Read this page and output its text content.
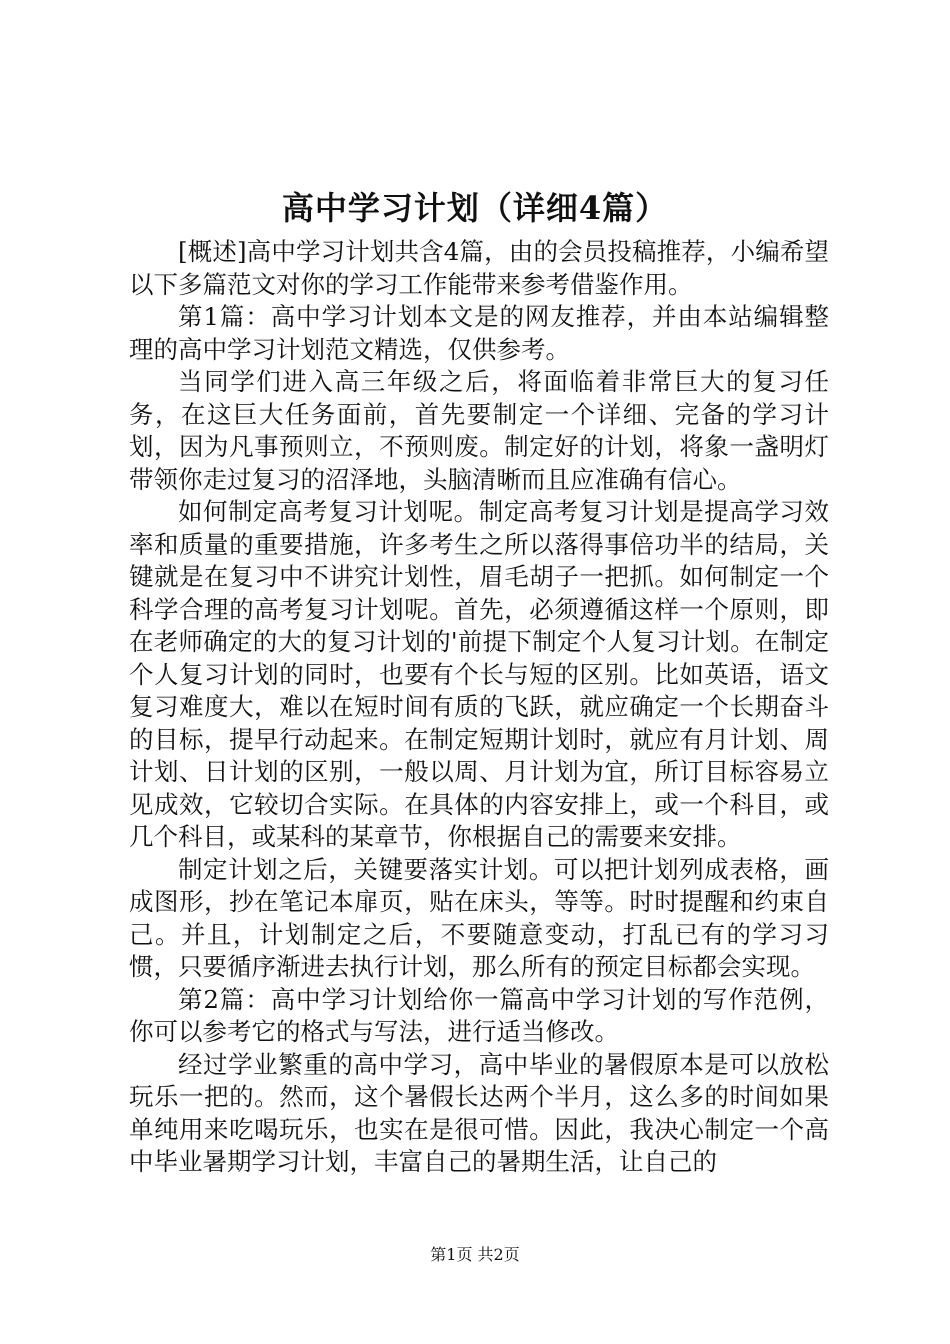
高中学习计划（详细4篇）

[概述]高中学习计划共含4篇，由的会员投稿推荐，小编希望以下多篇范文对你的学习工作能带来参考借鉴作用。

第1篇：高中学习计划本文是的网友推荐，并由本站编辑整理的高中学习计划范文精选，仅供参考。

当同学们进入高三年级之后，将面临着非常巨大的复习任务，在这巨大任务面前，首先要制定一个详细、完备的学习计划，因为凡事预则立，不预则废。制定好的计划，将象一盏明灯带领你走过复习的沼泽地，头脑清晰而且应准确有信心。

如何制定高考复习计划呢。制定高考复习计划是提高学习效率和质量的重要措施，许多考生之所以落得事倍功半的结局，关键就是在复习中不讲究计划性，眉毛胡子一把抓。如何制定一个科学合理的高考复习计划呢。首先，必须遵循这样一个原则，即在老师确定的大的复习计划的'前提下制定个人复习计划。在制定个人复习计划的同时，也要有个长与短的区别。比如英语，语文复习难度大，难以在短时间有质的飞跃，就应确定一个长期奋斗的目标，提早行动起来。在制定短期计划时，就应有月计划、周计划、日计划的区别，一般以周、月计划为宜，所订目标容易立见成效，它较切合实际。在具体的内容安排上，或一个科目，或几个科目，或某科的某章节，你根据自己的需要来安排。

制定计划之后，关键要落实计划。可以把计划列成表格，画成图形，抄在笔记本扉页，贴在床头，等等。时时提醒和约束自己。并且，计划制定之后，不要随意变动，打乱已有的学习习惯，只要循序渐进去执行计划，那么所有的预定目标都会实现。

第2篇：高中学习计划给你一篇高中学习计划的写作范例，你可以参考它的格式与写法，进行适当修改。

经过学业繁重的高中学习，高中毕业的暑假原本是可以放松玩乐一把的。然而，这个暑假长达两个半月，这么多的时间如果单纯用来吃喝玩乐，也实在是很可惜。因此，我决心制定一个高中毕业暑期学习计划，丰富自己的暑期生活，让自己的

第1页 共2页
